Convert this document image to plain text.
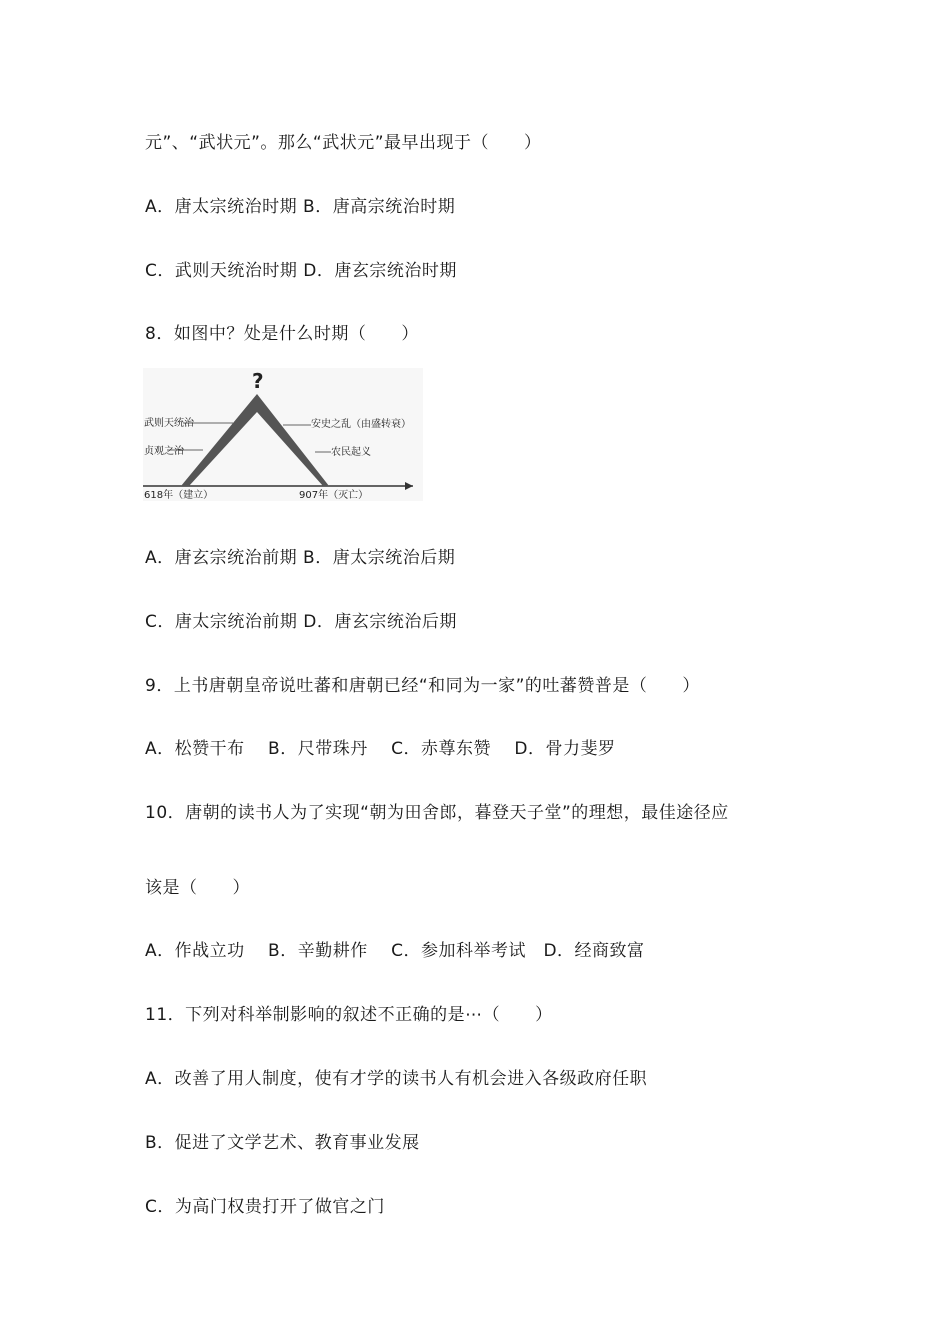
元”、“武状元”。那么“武状元”最早出现于（　　）
A．唐太宗统治时期 B．唐高宗统治时期
C．武则天统治时期 D．唐玄宗统治时期
8．如图中？处是什么时期（　　）
?
武则天统治
贞观之治
安史之乱（由盛转衰）
农民起义
618年（建立）	907年（灭亡）
A．唐玄宗统治前期 B．唐太宗统治后期
C．唐太宗统治前期 D．唐玄宗统治后期
9．上书唐朝皇帝说吐蕃和唐朝已经“和同为一家”的吐蕃赞普是（　　）
A．松赞干布　 B．尺带珠丹　 C．赤尊东赞　 D．骨力斐罗
10．唐朝的读书人为了实现“朝为田舍郎，暮登天子堂”的理想，最佳途径应
该是（　　）
A．作战立功　 B．辛勤耕作　 C．参加科举考试　D．经商致富
11．下列对科举制影响的叙述不正确的是⋯（　　）
A．改善了用人制度，使有才学的读书人有机会进入各级政府任职
B．促进了文学艺术、教育事业发展
C．为高门权贵打开了做官之门
